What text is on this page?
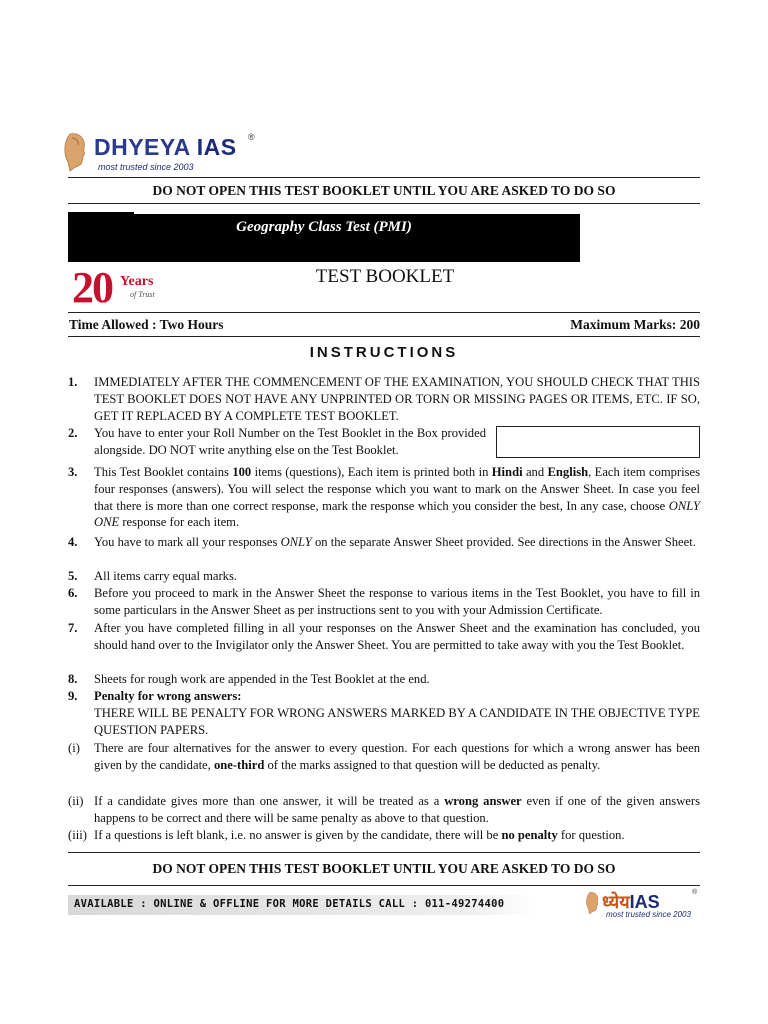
DHYEYA IAS ®
most trusted since 2003
DO NOT OPEN THIS TEST BOOKLET UNTIL YOU ARE ASKED TO DO SO
Geography Class Test (PMI)
20 Years
of Trust
TEST BOOKLET
Time Allowed : Two Hours	Maximum Marks: 200
INSTRUCTIONS
1.	IMMEDIATELY AFTER THE COMMENCEMENT OF THE EXAMINATION, YOU SHOULD CHECK THAT THIS TEST BOOKLET DOES NOT HAVE ANY UNPRINTED OR TORN OR MISSING PAGES OR ITEMS, ETC. IF SO, GET IT REPLACED BY A COMPLETE TEST BOOKLET.
2.	You have to enter your Roll Number on the Test Booklet in the Box provided alongside. DO NOT write anything else on the Test Booklet.
3.	This Test Booklet contains 100 items (questions), Each item is printed both in Hindi and English, Each item comprises four responses (answers). You will select the response which you want to mark on the Answer Sheet. In case you feel that there is more than one correct response, mark the response which you consider the best, In any case, choose ONLY ONE response for each item.
4.	You have to mark all your responses ONLY on the separate Answer Sheet provided. See directions in the Answer Sheet.
5.	All items carry equal marks.
6.	Before you proceed to mark in the Answer Sheet the response to various items in the Test Booklet, you have to fill in some particulars in the Answer Sheet as per instructions sent to you with your Admission Certificate.
7.	After you have completed filling in all your responses on the Answer Sheet and the examination has concluded, you should hand over to the Invigilator only the Answer Sheet. You are permitted to take away with you the Test Booklet.
8.	Sheets for rough work are appended in the Test Booklet at the end.
9.	Penalty for wrong answers:
THERE WILL BE PENALTY FOR WRONG ANSWERS MARKED BY A CANDIDATE IN THE OBJECTIVE TYPE QUESTION PAPERS.
(i)	There are four alternatives for the answer to every question. For each questions for which a wrong answer has been given by the candidate, one-third of the marks assigned to that question will be deducted as penalty.
(ii) If a candidate gives more than one answer, it will be treated as a wrong answer even if one of the given answers happens to be correct and there will be same penalty as above to that question.
(iii) If a questions is left blank, i.e. no answer is given by the candidate, there will be no penalty for question.
DO NOT OPEN THIS TEST BOOKLET UNTIL YOU ARE ASKED TO DO SO
AVAILABLE : ONLINE & OFFLINE FOR MORE DETAILS CALL : 011-49274400	ध्येयIAS	®
most trusted since 2003
